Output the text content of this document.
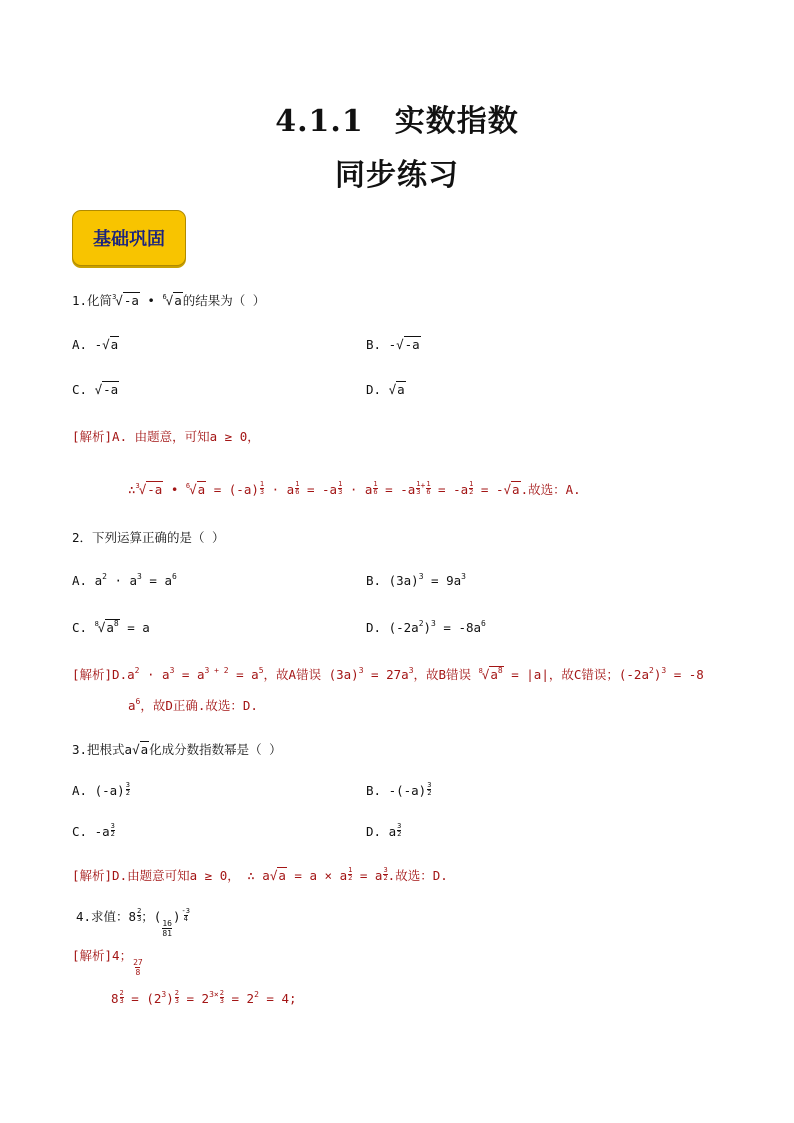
4.1.1　实数指数
同步练习
基础巩固
1.化简$^3$√-a • $^6$√a的结果为（ ）
A. -√a	B. -√-a
C. √-a	D. √a
[解析]A. 由题意，可知a ≥ 0，
∴$^3$√-a • $^6√a = (-a) \frac{1}{3} \cdot a \frac{1}{6} = -a \frac{1}{3} \cdot a \frac{1}{6} = -a \frac{1}{3} ^+ \frac{1}{6} = -a \frac{1}{2} = -√a$.故选：A.
2．下列运算正确的是（ ）
A. $a^2 \cdot a^3 = a^6$	B. $(3a)^3 = 9a^3$
C. $^8√a^8 = a$	D. $(-2a^2)^3 = -8a^6$
[解析]$D.a^2 \cdot a^3 = a^{3 + 2} = a^5$，故A错误 $(3a)^3 = 27a^3$，故B错误 $^8√a^8 = |a|$，故C错误；$(-2a^2)^3 = -8$
$a^6$，故D正确.故选：D.
3.把根式a√a化成分数指数幂是（ ）
A. $(-a) \frac{3}{2}$	B. $-(-a) \frac{3}{2}$
C. $-a \frac{3}{2}$	D. a $\frac{3}{2}$
[解析]D.由题意可知a ≥ 0， ∴ a√a = a × a $\frac{1}{2} = a \frac{3}{2}$ .故选：D.
4.求值：$8 \frac{2}{3}$ ；(
$\frac{16}{81}$
) $\frac{-3}{4}$
[解析]4；
$\frac{27}{8}$
$8 \frac{2}{3} = (2^3) \frac{2}{3} = 2^{3\times} \frac{2}{3} = 2^2 = 4$;
